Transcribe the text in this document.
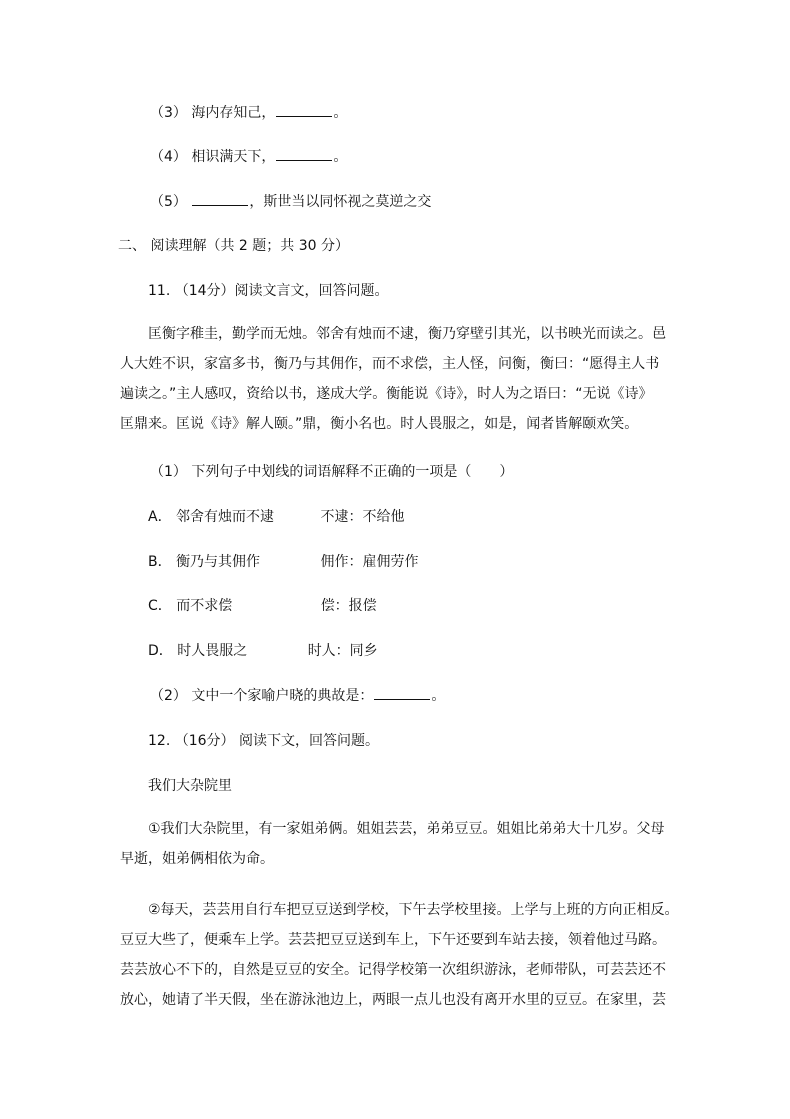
（3） 海内存知己，	。
（4） 相识满天下，	。
（5）	，斯世当以同怀视之莫逆之交
二、 阅读理解（共 2 题；共 30 分）
11. （14分）阅读文言文，回答问题。

匡衡字稚圭，勤学而无烛。邻舍有烛而不逮，衡乃穿壁引其光，以书映光而读之。邑

人大姓不识，家富多书，衡乃与其佣作，而不求偿，主人怪，问衡，衡曰：“愿得主人书

遍读之。”主人感叹，资给以书，遂成大学。衡能说《诗》，时人为之语曰：“无说《诗》

匡鼎来。匡说《诗》解人颐。”鼎，衡小名也。时人畏服之，如是，闻者皆解颐欢笑。

（1） 下列句子中划线的词语解释不正确的一项是（　　）
A． 邻舍有烛而不逮	不逮：不给他
B． 衡乃与其佣作	佣作：雇佣劳作
C． 而不求偿	偿：报偿
D． 时人畏服之	时人：同乡
（2） 文中一个家喻户晓的典故是：	。
12. （16分） 阅读下文，回答问题。
我们大杂院里

①我们大杂院里，有一家姐弟俩。姐姐芸芸，弟弟豆豆。姐姐比弟弟大十几岁。父母

早逝，姐弟俩相依为命。

②每天，芸芸用自行车把豆豆送到学校，下午去学校里接。上学与上班的方向正相反。

豆豆大些了，便乘车上学。芸芸把豆豆送到车上，下午还要到车站去接，领着他过马路。

芸芸放心不下的，自然是豆豆的安全。记得学校第一次组织游泳，老师带队，可芸芸还不

放心，她请了半天假，坐在游泳池边上，两眼一点儿也没有离开水里的豆豆。在家里，芸
